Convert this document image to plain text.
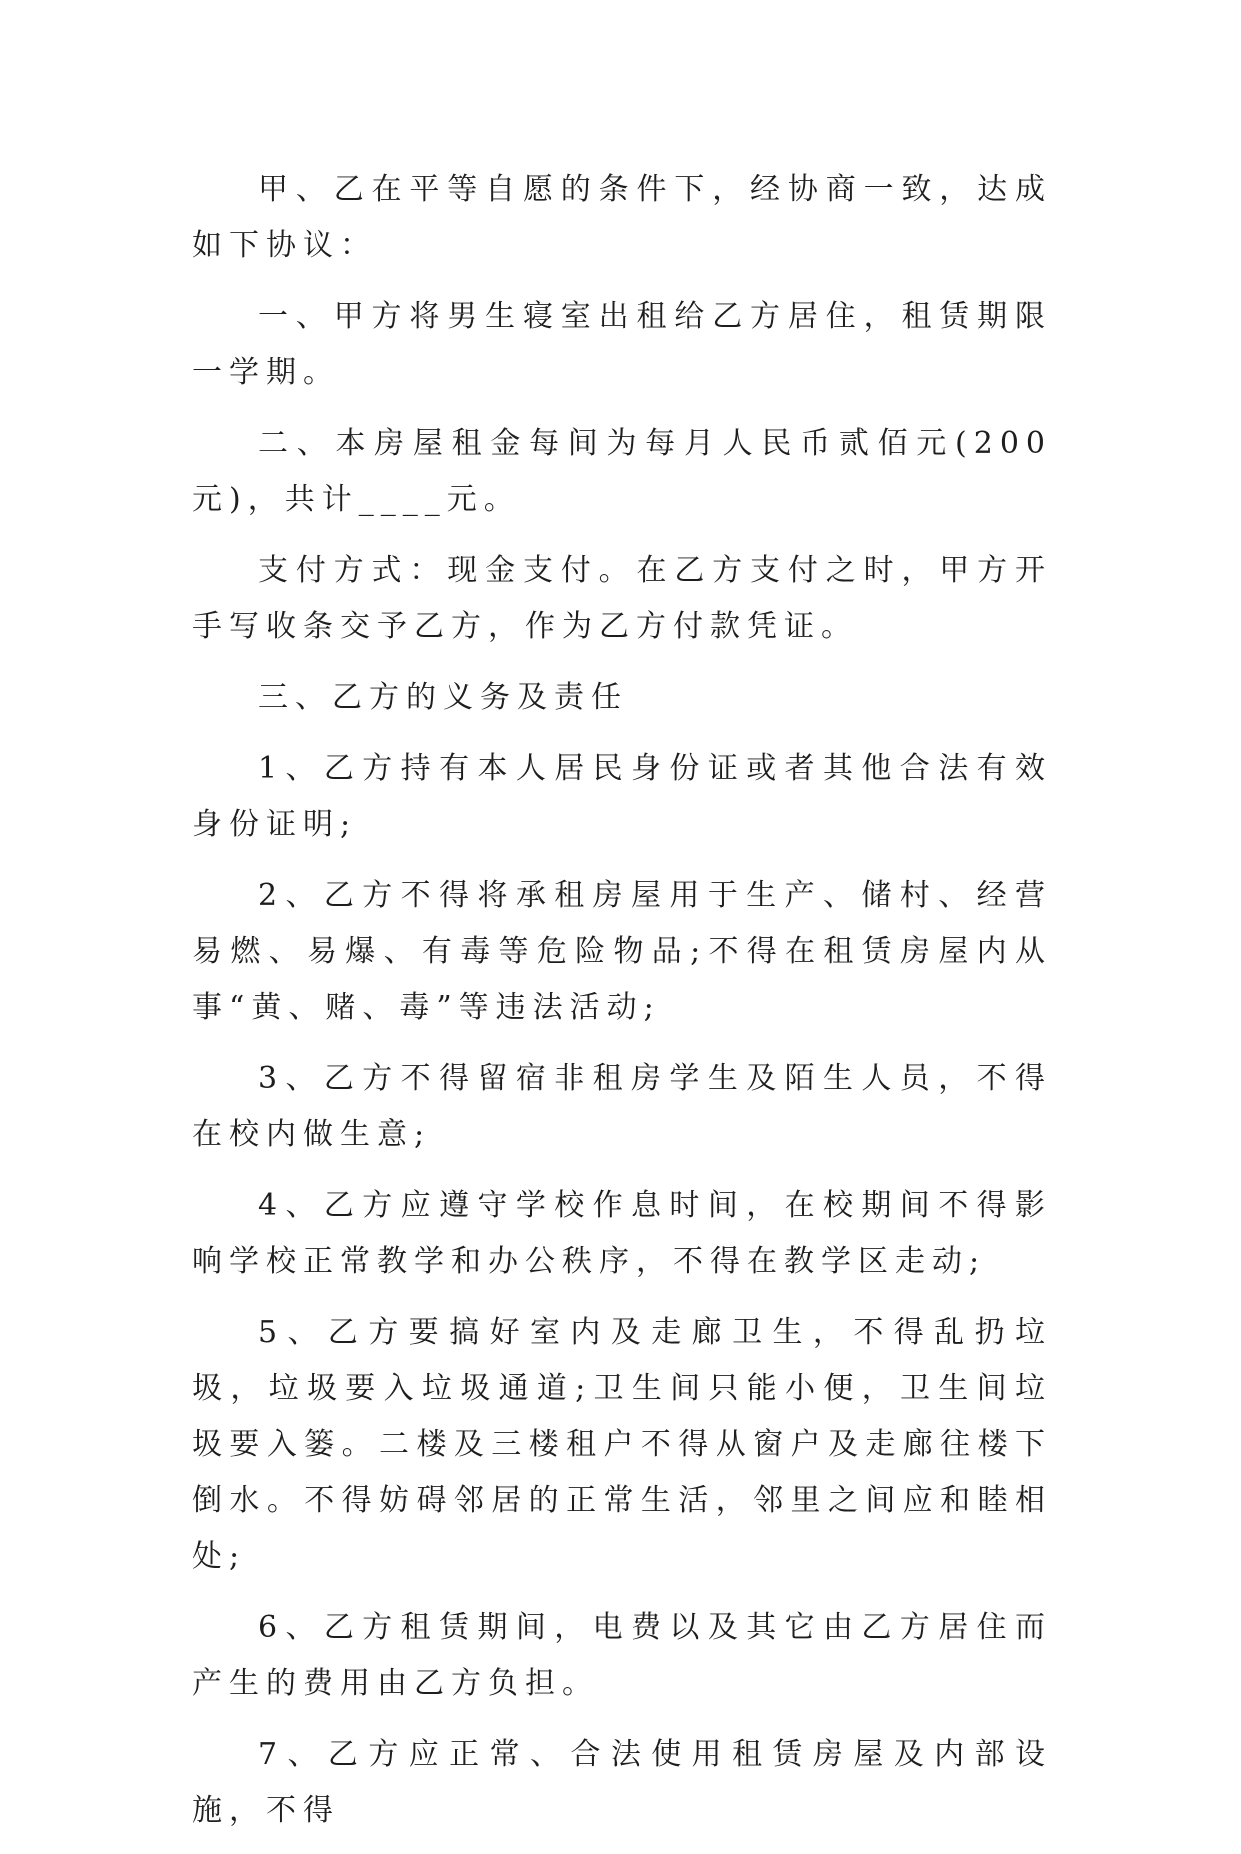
甲、乙在平等自愿的条件下，经协商一致，达成如下协议：

一、甲方将男生寝室出租给乙方居住，租赁期限一学期。

二、本房屋租金每间为每月人民币贰佰元(200元)，共计____元。

支付方式：现金支付。在乙方支付之时，甲方开手写收条交予乙方，作为乙方付款凭证。

三、乙方的义务及责任

1、乙方持有本人居民身份证或者其他合法有效身份证明;

2、乙方不得将承租房屋用于生产、储村、经营易燃、易爆、有毒等危险物品;不得在租赁房屋内从事“黄、赌、毒”等违法活动;

3、乙方不得留宿非租房学生及陌生人员，不得在校内做生意;

4、乙方应遵守学校作息时间，在校期间不得影响学校正常教学和办公秩序，不得在教学区走动;

5、乙方要搞好室内及走廊卫生，不得乱扔垃圾，垃圾要入垃圾通道;卫生间只能小便，卫生间垃圾要入篓。二楼及三楼租户不得从窗户及走廊往楼下倒水。不得妨碍邻居的正常生活，邻里之间应和睦相处;

6、乙方租赁期间，电费以及其它由乙方居住而产生的费用由乙方负担。

7、乙方应正常、合法使用租赁房屋及内部设施，不得
